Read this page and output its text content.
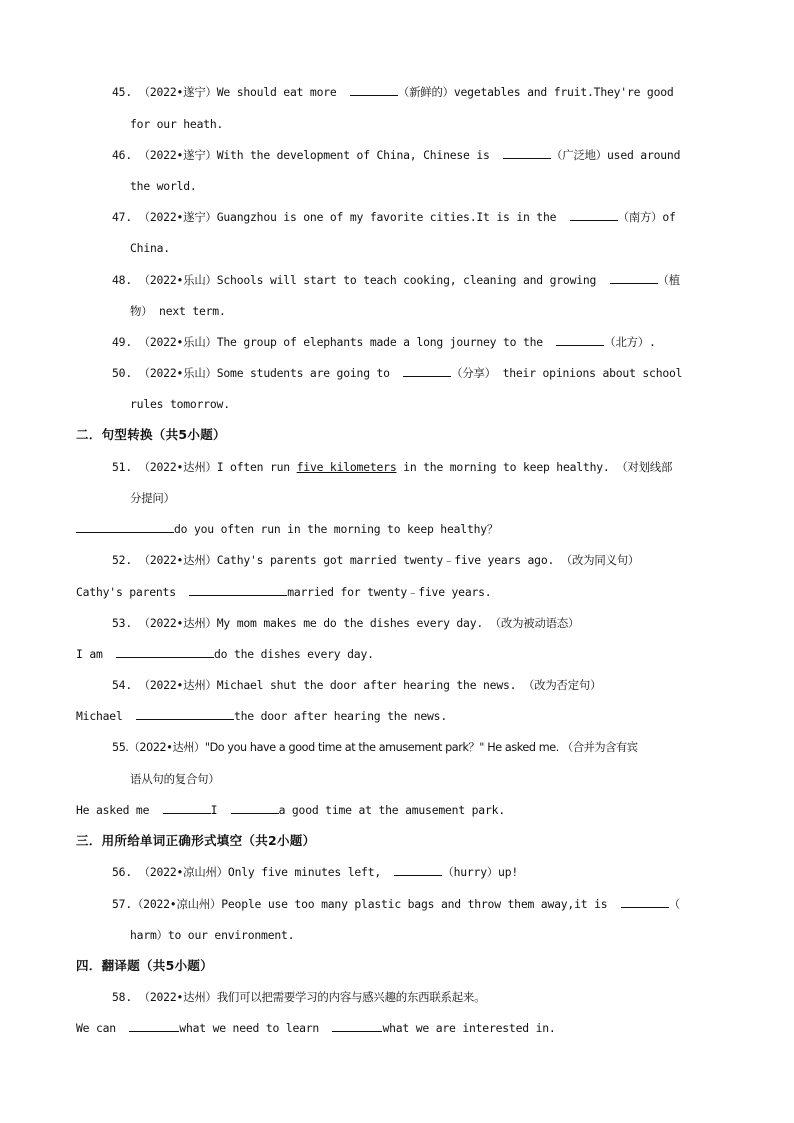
45. （2022•遂宁）We should eat more	（新鲜的）vegetables and fruit.They're good
for our heath.
46. （2022•遂宁）With the development of China, Chinese is	（广泛地）used around
the world.
47. （2022•遂宁）Guangzhou is one of my favorite cities.It is in the	（南方）of
China.
48. （2022•乐山）Schools will start to teach cooking, cleaning and growing	（植
物） next term.
49. （2022•乐山）The group of elephants made a long journey to the	（北方）.
50. （2022•乐山）Some students are going to	（分享） their opinions about school
rules tomorrow.
二．句型转换（共5小题）
51. （2022•达州）I often run five kilometers in the morning to keep healthy. （对划线部
分提问）
do you often run in the morning to keep healthy？
52. （2022•达州）Cathy's parents got married twenty﹣five years ago. （改为同义句）
Cathy's parents	married for twenty﹣five years.
53. （2022•达州）My mom makes me do the dishes every day. （改为被动语态）
I am	do the dishes every day.
54. （2022•达州）Michael shut the door after hearing the news. （改为否定句）
Michael	the door after hearing the news.
55.（2022•达州）"Do you have a good time at the amusement park？" He asked me. （合并为含有宾
语从句的复合句）
He asked me	I	a good time at the amusement park.
三．用所给单词正确形式填空（共2小题）
56. （2022•凉山州）Only five minutes left,	（hurry）up!
57.（2022•凉山州）People use too many plastic bags and throw them away,it is	（
harm）to our environment.
四．翻译题（共5小题）
58. （2022•达州）我们可以把需要学习的内容与感兴趣的东西联系起来。
We can	what we need to learn	what we are interested in.
